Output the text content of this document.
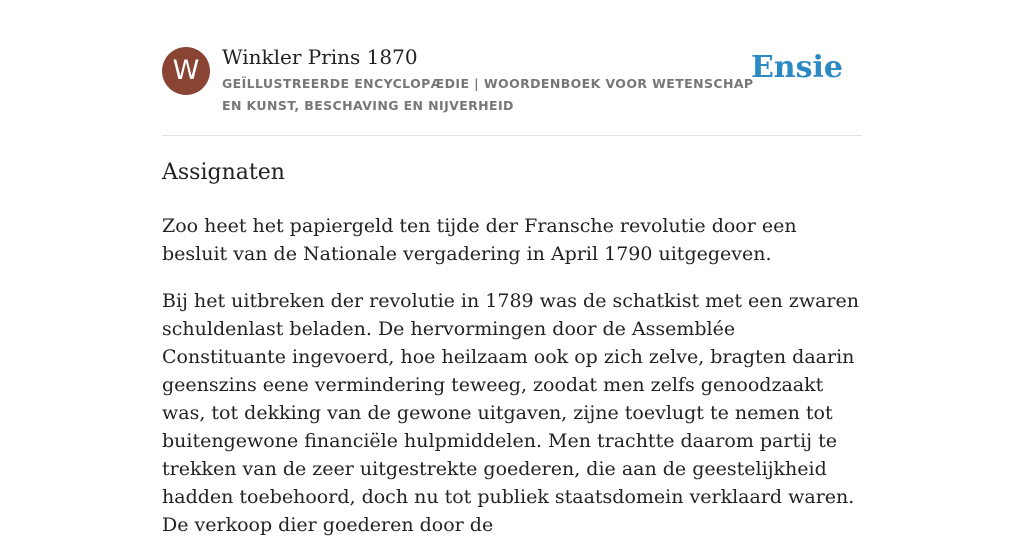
W	Winkler Prins 1870
GEÏLLUSTREERDE ENCYCLOPÆDIE | WOORDENBOEK VOOR WETENSCHAP EN KUNST, BESCHAVING EN NIJVERHEID
Ensie
Assignaten

Zoo heet het papiergeld ten tijde der Fransche revolutie door een besluit van de Nationale vergadering in April 1790 uitgegeven.

Bij het uitbreken der revolutie in 1789 was de schatkist met een zwaren schuldenlast beladen. De hervormingen door de Assemblée Constituante ingevoerd, hoe heilzaam ook op zich zelve, bragten daarin geenszins eene vermindering teweeg, zoodat men zelfs genoodzaakt was, tot dekking van de gewone uitgaven, zijne toevlugt te nemen tot buitengewone financiële hulpmiddelen. Men trachtte daarom partij te trekken van de zeer uitgestrekte goederen, die aan de geestelijkheid hadden toebehoord, doch nu tot publiek staatsdomein verklaard waren. De verkoop dier goederen door de
